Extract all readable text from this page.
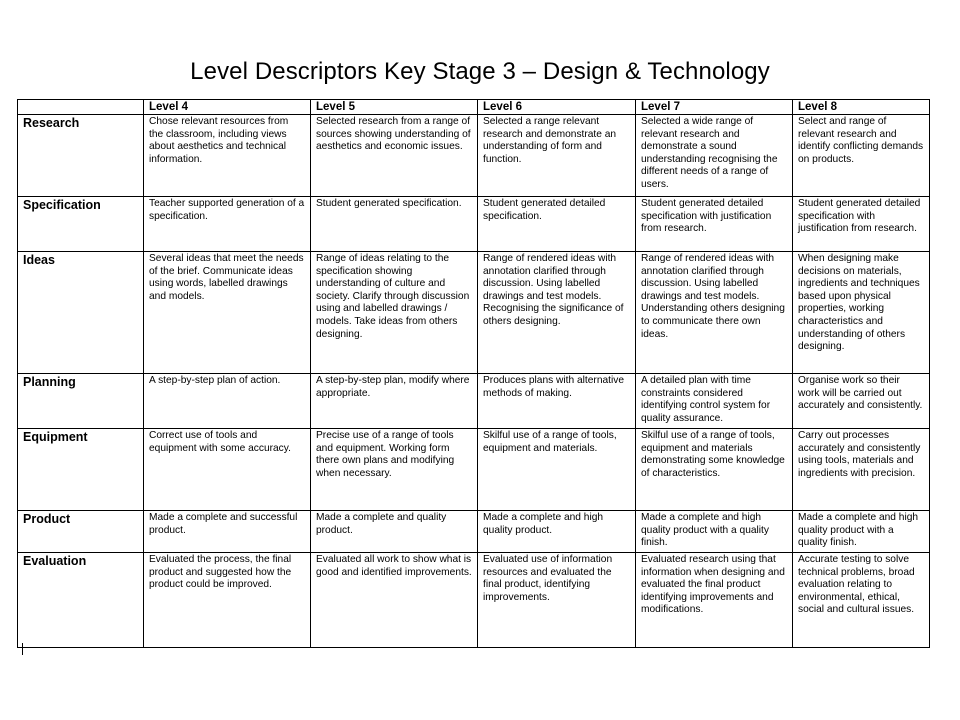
Level Descriptors Key Stage 3 – Design & Technology
	Level 4	Level 5	Level 6	Level 7	Level 8
Research	Chose relevant resources from the classroom, including views about aesthetics and technical information.	Selected research from a range of sources showing understanding of aesthetics and economic issues.	Selected a range relevant research and demonstrate an understanding of form and function.	Selected a wide range of relevant research and demonstrate a sound understanding recognising the different needs of a range of users.	Select and range of relevant research and identify conflicting demands on products.
Specification	Teacher supported generation of a specification.	Student generated specification.	Student generated detailed specification.	Student generated detailed specification with justification from research.	Student generated detailed specification with justification from research.
Ideas	Several ideas that meet the needs of the brief. Communicate ideas using words, labelled drawings and models.	Range of ideas relating to the specification showing understanding of culture and society. Clarify through discussion using and labelled drawings / models. Take ideas from others designing.	Range of rendered ideas with annotation clarified through discussion. Using labelled drawings and test models. Recognising the significance of others designing.	Range of rendered ideas with annotation clarified through discussion. Using labelled drawings and test models. Understanding others designing to communicate there own ideas.	When designing make decisions on materials, ingredients and techniques based upon physical properties, working characteristics and understanding of others designing.
Planning	A step-by-step plan of action.	A step-by-step plan, modify where appropriate.	Produces plans with alternative methods of making.	A detailed plan with time constraints considered identifying control system for quality assurance.	Organise work so their work will be carried out accurately and consistently.
Equipment	Correct use of tools and equipment with some accuracy.	Precise use of a range of tools and equipment. Working form there own plans and modifying when necessary.	Skilful use of a range of tools, equipment and materials.	Skilful use of a range of tools, equipment and materials demonstrating some knowledge of characteristics.	Carry out processes accurately and consistently using tools, materials and ingredients with precision.
Product	Made a complete and successful product.	Made a complete and quality product.	Made a complete and high quality product.	Made a complete and high quality product with a quality finish.	Made a complete and high quality product with a quality finish.
Evaluation	Evaluated the process, the final product and suggested how the product could be improved.	Evaluated all work to show what is good and identified improvements.	Evaluated use of information resources and evaluated the final product, identifying improvements.	Evaluated research using that information when designing and evaluated the final product identifying improvements and modifications.	Accurate testing to solve technical problems, broad evaluation relating to environmental, ethical, social and cultural issues.
